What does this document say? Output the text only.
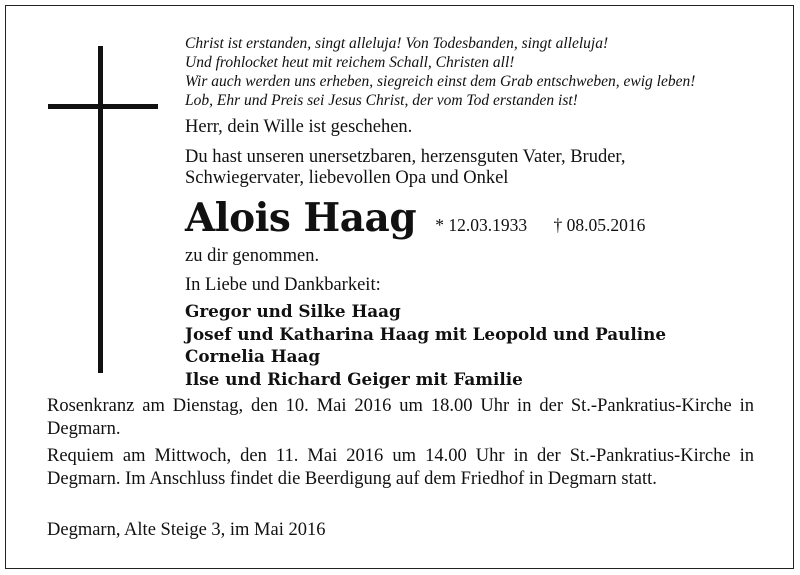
Christ ist erstanden, singt alleluja! Von Todesbanden, singt alleluja!
Und frohlocket heut mit reichem Schall, Christen all!
Wir auch werden uns erheben, siegreich einst dem Grab entschweben, ewig leben!
Lob, Ehr und Preis sei Jesus Christ, der vom Tod erstanden ist!
Herr, dein Wille ist geschehen.
Du hast unseren unersetzbaren, herzensguten Vater, Bruder,
Schwiegervater, liebevollen Opa und Onkel
Alois Haag * 12.03.1933 † 08.05.2016
zu dir genommen.
In Liebe und Dankbarkeit:
Gregor und Silke Haag
Josef und Katharina Haag mit Leopold und Pauline
Cornelia Haag
Ilse und Richard Geiger mit Familie
Rosenkranz am Dienstag, den 10. Mai 2016 um 18.00 Uhr in der St.-Pankratius-Kirche in Degmarn.
Requiem am Mittwoch, den 11. Mai 2016 um 14.00 Uhr in der St.-Pankratius-Kirche in Degmarn. Im Anschluss findet die Beerdigung auf dem Friedhof in Degmarn statt.
Degmarn, Alte Steige 3, im Mai 2016
